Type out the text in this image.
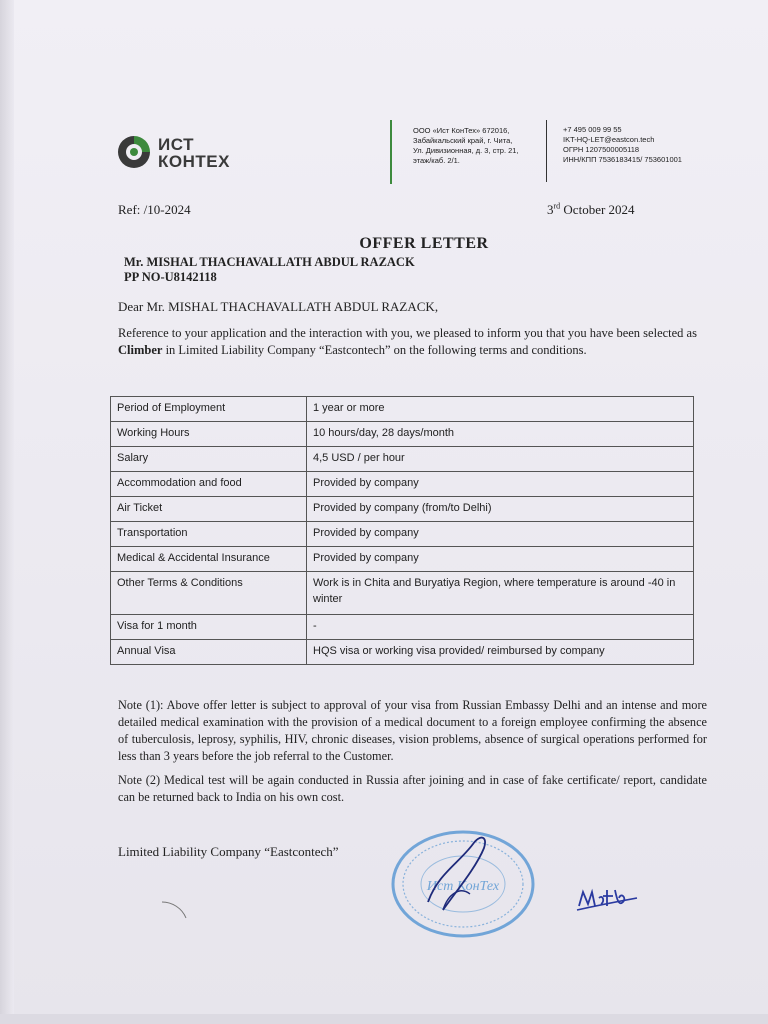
ИСТ
КОНТЕХ
ООО «Ист КонТех» 672016,
Забайкальский край, г. Чита,
Ул. Дивизионная, д. 3, стр. 21,
этаж/каб. 2/1.
+7 495 009 99 55
IKT-HQ-LET@eastcon.tech
ОГРН 1207500005118
ИНН/КПП 7536183415/ 753601001
Ref: /10-2024	3rd October 2024
OFFER LETTER
Mr. MISHAL THACHAVALLATH ABDUL RAZACK
PP NO-U8142118
Dear Mr. MISHAL THACHAVALLATH ABDUL RAZACK,
Reference to your application and the interaction with you, we pleased to inform you that you have been selected as Climber in Limited Liability Company “Eastcontech” on the following terms and conditions.
Period of Employment	1 year or more
Working Hours	10 hours/day, 28 days/month
Salary	4,5 USD / per hour
Accommodation and food	Provided by company
Air Ticket	Provided by company (from/to Delhi)
Transportation	Provided by company
Medical & Accidental Insurance	Provided by company
Other Terms & Conditions	Work is in Chita and Buryatiya Region, where temperature is around -40 in winter
Visa for 1 month	-
Annual Visa	HQS visa or working visa provided/ reimbursed by company
Note (1): Above offer letter is subject to approval of your visa from Russian Embassy Delhi and an intense and more detailed medical examination with the provision of a medical document to a foreign employee confirming the absence of tuberculosis, leprosy, syphilis, HIV, chronic diseases, vision problems, absence of surgical operations performed for less than 3 years before the job referral to the Customer.
Note (2) Medical test will be again conducted in Russia after joining and in case of fake certificate/ report, candidate can be returned back to India on his own cost.
Limited Liability Company “Eastcontech”
Ист КонТех
